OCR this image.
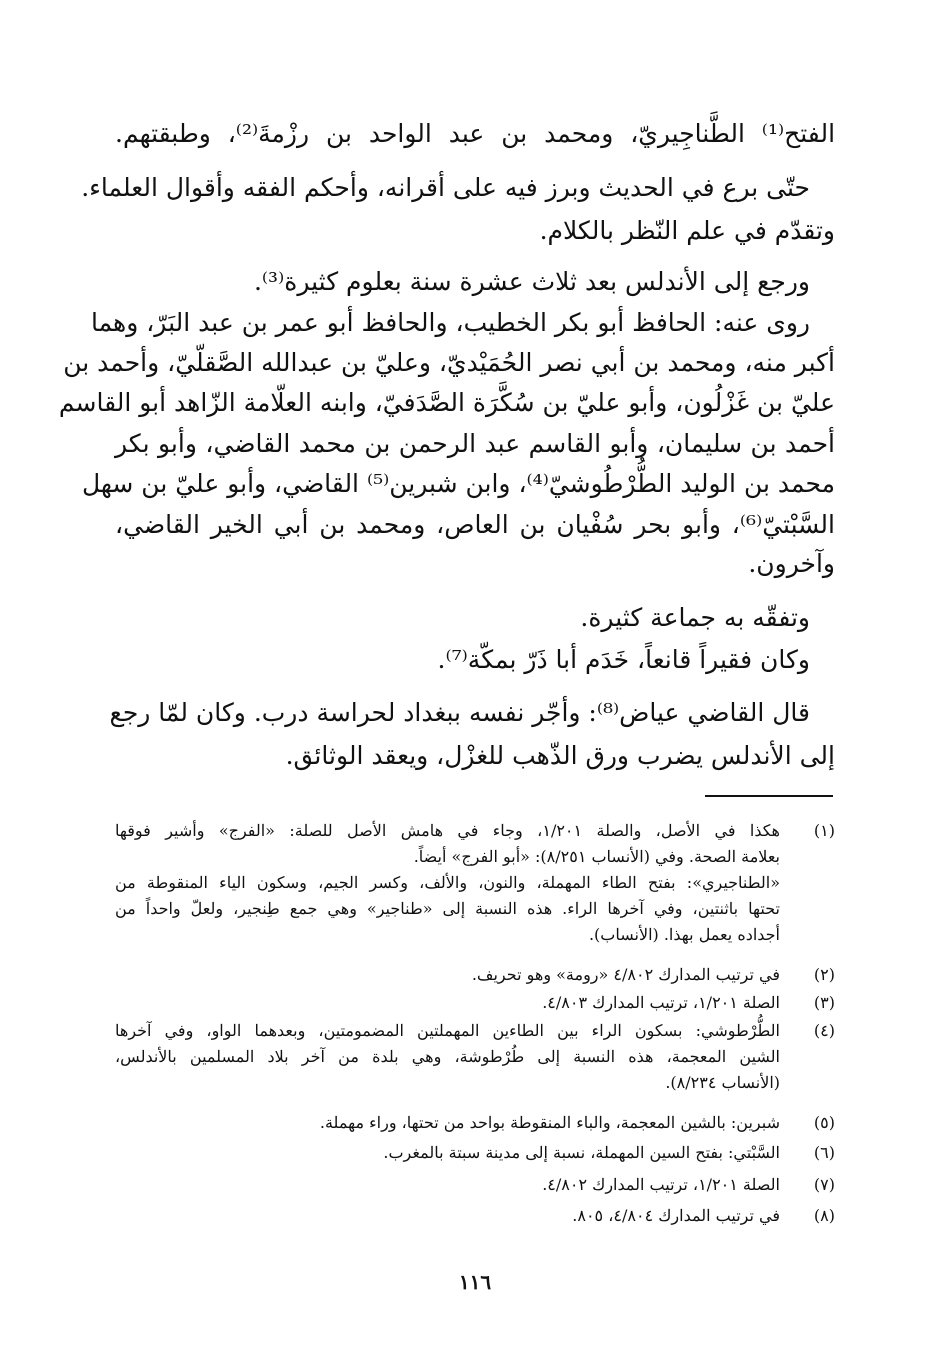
الفتح⁽¹⁾ الطَّناجِيريّ، ومحمد بن عبد الواحد بن رزْمةَ⁽²⁾، وطبقتهم.
حتّى برع في الحديث وبرز فيه على أقرانه، وأحكم الفقه وأقوال العلماء.
وتقدّم في علم النّظر بالكلام.
ورجع إلى الأندلس بعد ثلاث عشرة سنة بعلوم كثيرة⁽³⁾.
روى عنه: الحافظ أبو بكر الخطيب، والحافظ أبو عمر بن عبد البَرّ، وهما
أكبر منه، ومحمد بن أبي نصر الحُمَيْديّ، وعليّ بن عبدالله الصَّقلّيّ، وأحمد بن
عليّ بن غَزْلُون، وأبو عليّ بن سُكَّرَة الصَّدَفيّ، وابنه العلّامة الزّاهد أبو القاسم
أحمد بن سليمان، وأبو القاسم عبد الرحمن بن محمد القاضي، وأبو بكر
محمد بن الوليد الطُّرْطُوشيّ⁽⁴⁾، وابن شبرين⁽⁵⁾ القاضي، وأبو عليّ بن سهل
السَّبْتيّ⁽⁶⁾، وأبو بحر سُفْيان بن العاص، ومحمد بن أبي الخير القاضي،
وآخرون.
وتفقّه به جماعة كثيرة.
وكان فقيراً قانعاً، خَدَم أبا ذَرّ بمكّة⁽⁷⁾.
قال القاضي عياض⁽⁸⁾: وأجّر نفسه ببغداد لحراسة درب. وكان لمّا رجع
إلى الأندلس يضرب ورق الذّهب للغزْل، ويعقد الوثائق.
(١)
هكذا في الأصل، والصلة ١/٢٠١، وجاء في هامش الأصل للصلة: «الفرج» وأشير فوقها
بعلامة الصحة. وفي (الأنساب ٨/٢٥١): «أبو الفرج» أيضاً.
«الطناجيري»: بفتح الطاء المهملة، والنون، والألف، وكسر الجيم، وسكون الياء المنقوطة من
تحتها باثنتين، وفي آخرها الراء. هذه النسبة إلى «طناجير» وهي جمع طِنجير، ولعلّ واحداً من
أجداده يعمل بهذا. (الأنساب).
(٢)
في ترتيب المدارك ٤/٨٠٢ «رومة» وهو تحريف.
(٣)
الصلة ١/٢٠١، ترتيب المدارك ٤/٨٠٣.
(٤)
الطُّرْطوشي: بسكون الراء بين الطاءين المهملتين المضمومتين، وبعدهما الواو، وفي آخرها
الشين المعجمة، هذه النسبة إلى طُرْطوشة، وهي بلدة من آخر بلاد المسلمين بالأندلس،
(الأنساب ٨/٢٣٤).
(٥)
شبرين: بالشين المعجمة، والباء المنقوطة بواحد من تحتها، وراء مهملة.
(٦)
السَّبْتي: بفتح السين المهملة، نسبة إلى مدينة سبتة بالمغرب.
(٧)
الصلة ١/٢٠١، ترتيب المدارك ٤/٨٠٢.
(٨)
في ترتيب المدارك ٤/٨٠٤، ٨٠٥.
١١٦
